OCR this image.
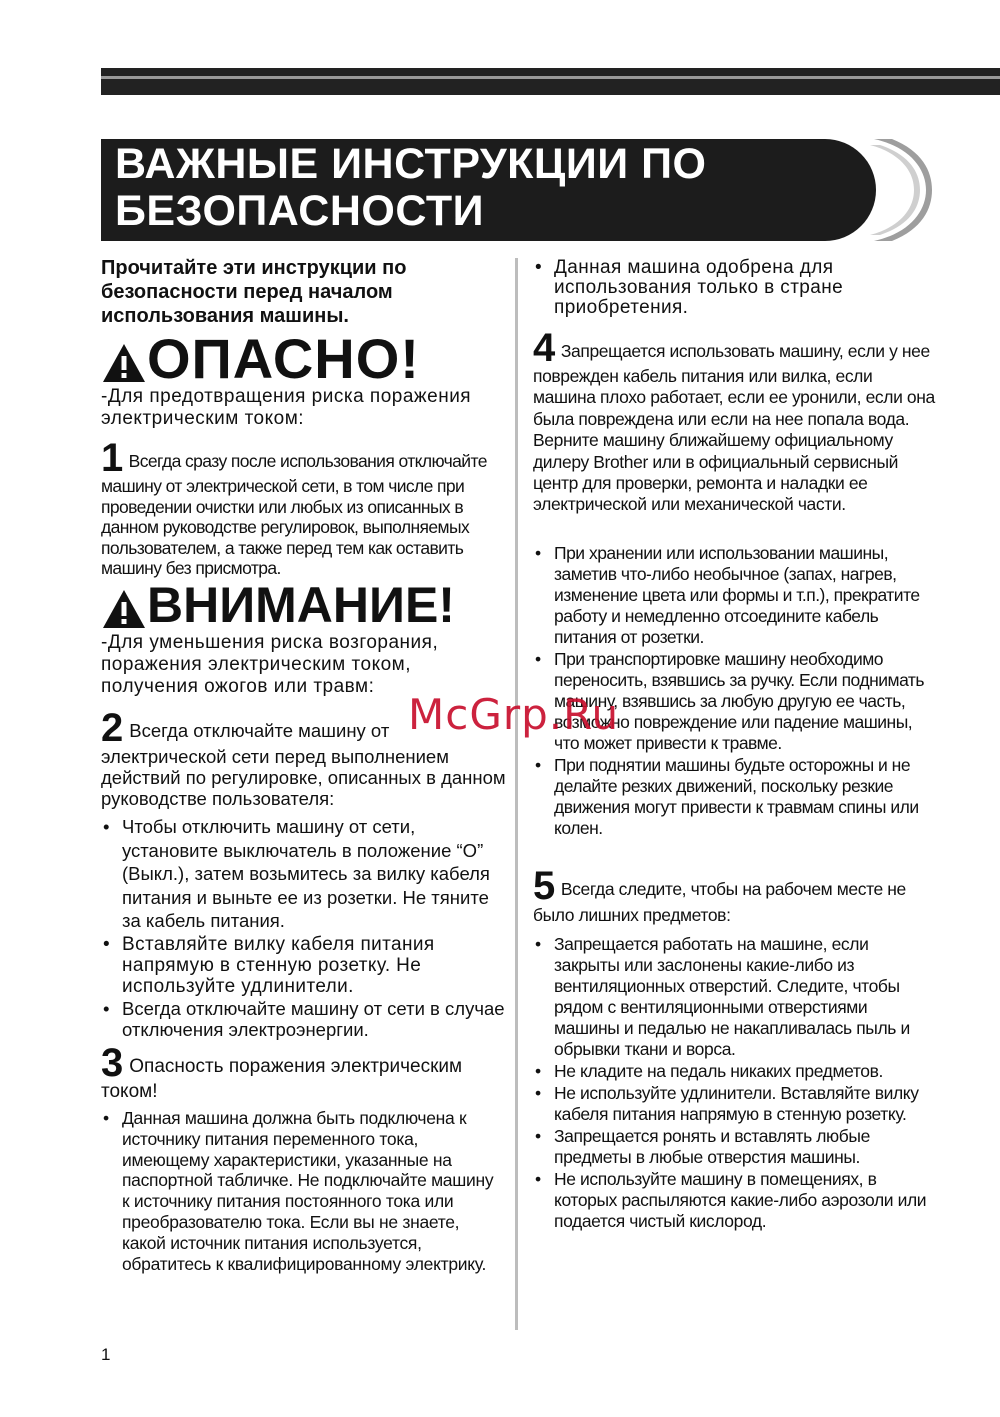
ВАЖНЫЕ ИНСТРУКЦИИ ПО
БЕЗОПАСНОСТИ

Прочитайте эти инструкции по безопасности перед началом использования машины.

ОПАСНО!

-Для предотвращения риска поражения электрическим током:

1 Всегда сразу после использования отключайте машину от электрической сети, в том числе при проведении очистки или любых из описанных в данном руководстве регулировок, выполняемых пользователем, а также перед тем как оставить машину без присмотра.
ВНИМАНИЕ!

-Для уменьшения риска возгорания, поражения электрическим током, получения ожогов или травм:

2 Всегда отключайте машину от электрической сети перед выполнением действий по регулировке, описанных в данном руководстве пользователя:

• Чтобы отключить машину от сети, установите выключатель в положение “O” (Выкл.), затем возьмитесь за вилку кабеля питания и выньте ее из розетки. Не тяните за кабель питания.

• Вставляйте вилку кабеля питания напрямую в стенную розетку. Не используйте удлинители.

• Всегда отключайте машину от сети в случае отключения электроэнергии.

3 Опасность поражения электрическим током!

• Данная машина должна быть подключена к источнику питания переменного тока, имеющему характеристики, указанные на паспортной табличке. Не подключайте машину к источнику питания постоянного тока или преобразователю тока. Если вы не знаете, какой источник питания используется, обратитесь к квалифицированному электрику.

• Данная машина одобрена для использования только в стране приобретения.

4 Запрещается использовать машину, если у нее поврежден кабель питания или вилка, если машина плохо работает, если ее уронили, если она была повреждена или если на нее попала вода. Верните машину ближайшему официальному дилеру Brother или в официальный сервисный центр для проверки, ремонта и наладки ее электрической или механической части.

• При хранении или использовании машины, заметив что-либо необычное (запах, нагрев, изменение цвета или формы и т.п.), прекратите работу и немедленно отсоедините кабель питания от розетки.

• При транспортировке машину необходимо переносить, взявшись за ручку. Если поднимать машину, взявшись за любую другую ее часть, возможно повреждение или падение машины, что может привести к травме.

• При поднятии машины будьте осторожны и не делайте резких движений, поскольку резкие движения могут привести к травмам спины или колен.

5 Всегда следите, чтобы на рабочем месте не было лишних предметов:

• Запрещается работать на машине, если закрыты или заслонены какие-либо из вентиляционных отверстий. Следите, чтобы рядом с вентиляционными отверстиями машины и педалью не накапливалась пыль и обрывки ткани и ворса.

• Не кладите на педаль никаких предметов.

• Не используйте удлинители. Вставляйте вилку кабеля питания напрямую в стенную розетку.

• Запрещается ронять и вставлять любые предметы в любые отверстия машины.

• Не используйте машину в помещениях, в которых распыляются какие-либо аэрозоли или подается чистый кислород.

McGrp.Ru

1
